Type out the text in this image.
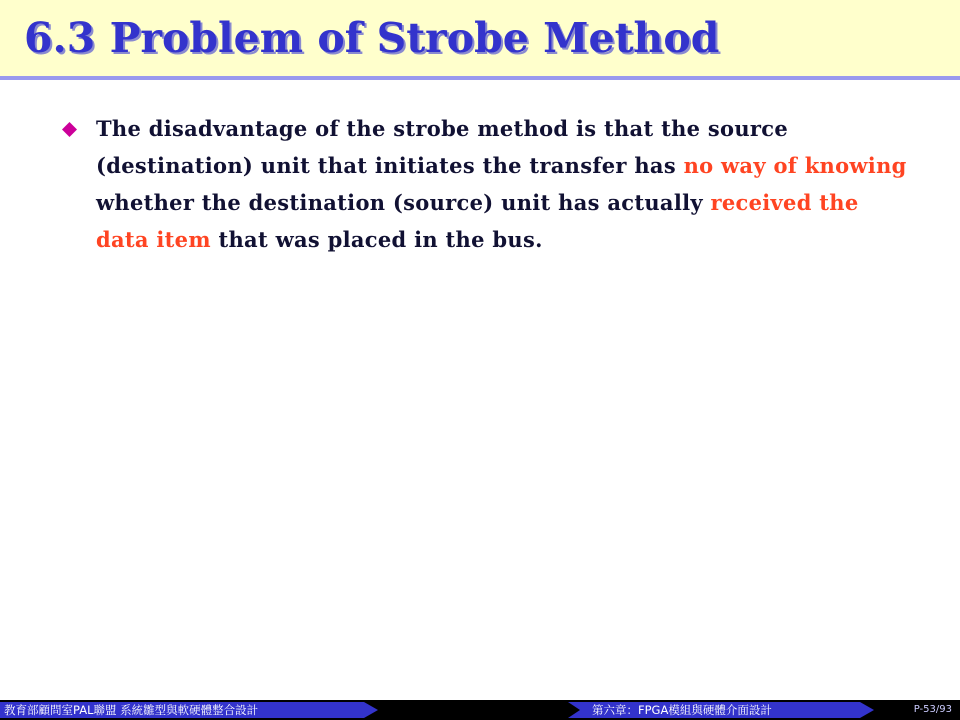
6.3 Problem of Strobe Method

The disadvantage of the strobe method is that the source (destination) unit that initiates the transfer has no way of knowing whether the destination (source) unit has actually received the data item that was placed in the bus.

教育部顧問室PAL聯盟 系統雛型與軟硬體整合設計	第六章：FPGA模組與硬體介面設計	P-53/93
